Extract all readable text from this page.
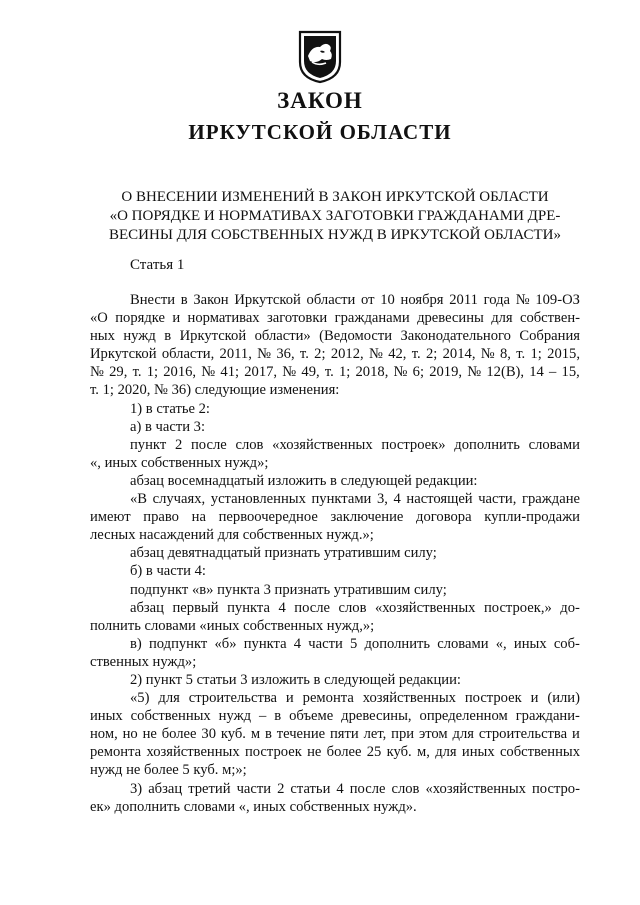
ЗАКОН
ИРКУТСКОЙ ОБЛАСТИ
О ВНЕСЕНИИ ИЗМЕНЕНИЙ В ЗАКОН ИРКУТСКОЙ ОБЛАСТИ
«О ПОРЯДКЕ И НОРМАТИВАХ ЗАГОТОВКИ ГРАЖДАНАМИ ДРЕ-
ВЕСИНЫ ДЛЯ СОБСТВЕННЫХ НУЖД В ИРКУТСКОЙ ОБЛАСТИ»
Статья 1
Внести в Закон Иркутской области от 10 ноября 2011 года № 109-ОЗ
«О порядке и нормативах заготовки гражданами древесины для собствен-
ных нужд в Иркутской области» (Ведомости Законодательного Собрания
Иркутской области, 2011, № 36, т. 2; 2012, № 42, т. 2; 2014, № 8, т. 1; 2015,
№ 29, т. 1; 2016, № 41; 2017, № 49, т. 1; 2018, № 6; 2019, № 12(В), 14 – 15,
т. 1; 2020, № 36) следующие изменения:
1) в статье 2:
а) в части 3:
пункт 2 после слов «хозяйственных построек» дополнить словами
«, иных собственных нужд»;
абзац восемнадцатый изложить в следующей редакции:
«В случаях, установленных пунктами 3, 4 настоящей части, граждане
имеют право на первоочередное заключение договора купли-продажи
лесных насаждений для собственных нужд.»;
абзац девятнадцатый признать утратившим силу;
б) в части 4:
подпункт «в» пункта 3 признать утратившим силу;
абзац первый пункта 4 после слов «хозяйственных построек,» до-
полнить словами «иных собственных нужд,»;
в) подпункт «б» пункта 4 части 5 дополнить словами «, иных соб-
ственных нужд»;
2) пункт 5 статьи 3 изложить в следующей редакции:
«5) для строительства и ремонта хозяйственных построек и (или)
иных собственных нужд – в объеме древесины, определенном граждани-
ном, но не более 30 куб. м в течение пяти лет, при этом для строительства и
ремонта хозяйственных построек не более 25 куб. м, для иных собственных
нужд не более 5 куб. м;»;
3) абзац третий части 2 статьи 4 после слов «хозяйственных постро-
ек» дополнить словами «, иных собственных нужд».
